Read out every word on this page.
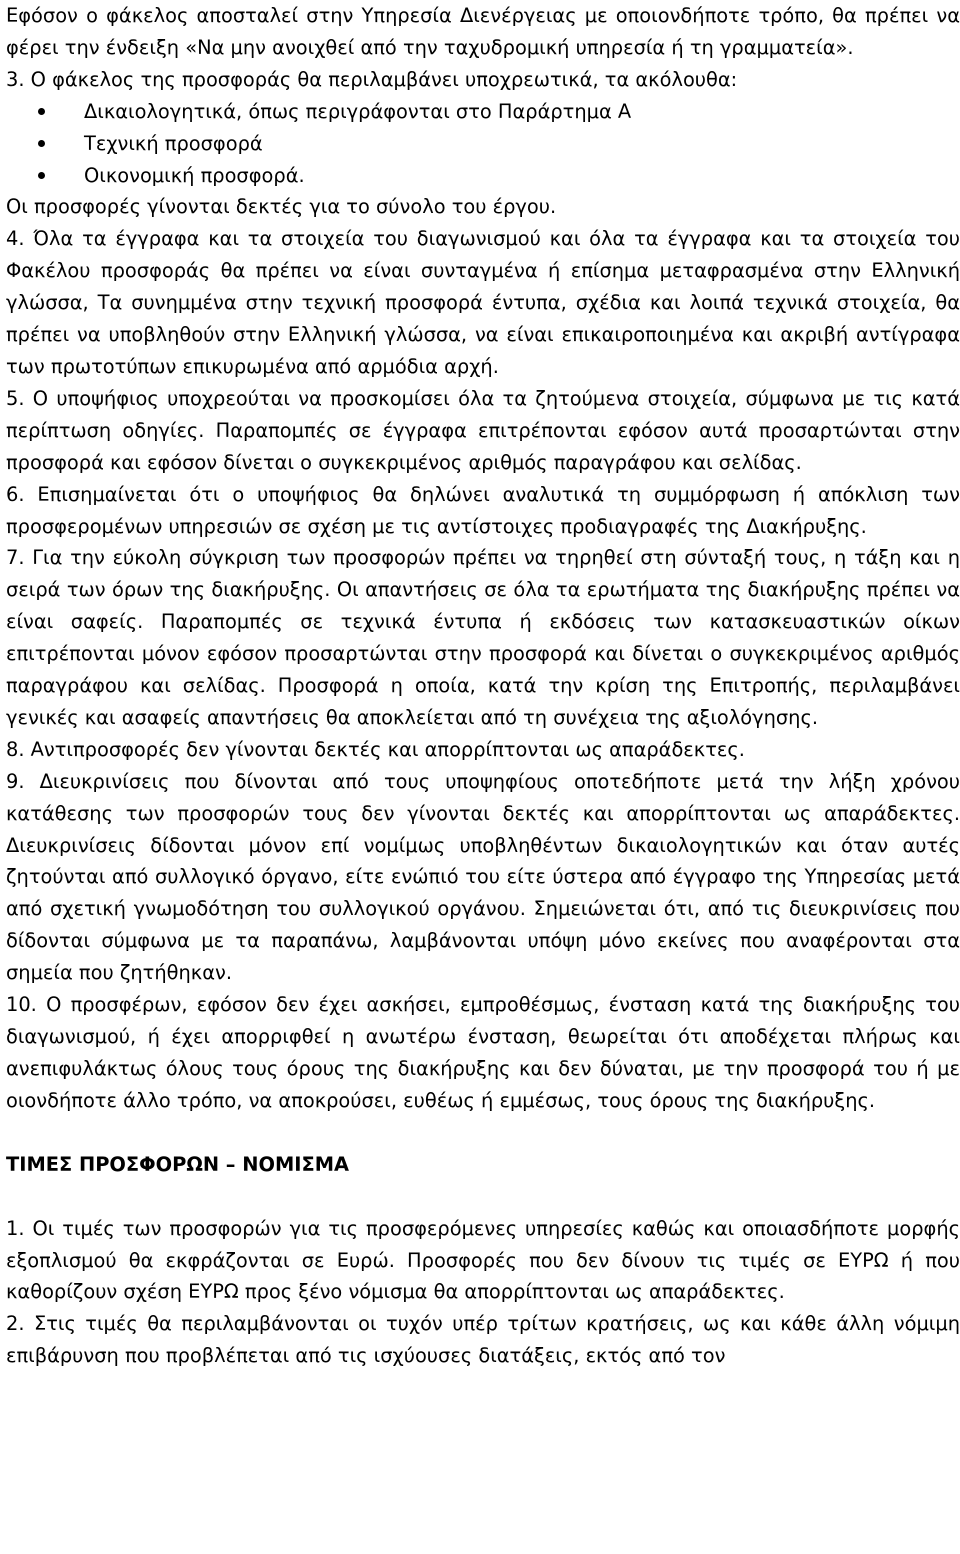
Εφόσον ο φάκελος αποσταλεί στην Υπηρεσία Διενέργειας με οποιονδήποτε τρόπο, θα πρέπει να φέρει την ένδειξη «Να μην ανοιχθεί από την ταχυδρομική υπηρεσία ή τη γραμματεία».

3. Ο φάκελος της προσφοράς θα περιλαμβάνει υποχρεωτικά, τα ακόλουθα:

Δικαιολογητικά, όπως περιγράφονται στο Παράρτημα Α
Τεχνική προσφορά
Οικονομική προσφορά.

Οι προσφορές γίνονται δεκτές για το σύνολο του έργου.

4. Όλα τα έγγραφα και τα στοιχεία του διαγωνισμού και όλα τα έγγραφα και τα στοιχεία του Φακέλου προσφοράς θα πρέπει να είναι συνταγμένα ή επίσημα μεταφρασμένα στην Ελληνική γλώσσα, Τα συνημμένα στην τεχνική προσφορά έντυπα, σχέδια και λοιπά τεχνικά στοιχεία, θα πρέπει να υποβληθούν στην Ελληνική γλώσσα, να είναι επικαιροποιημένα και ακριβή αντίγραφα των πρωτοτύπων επικυρωμένα από αρμόδια αρχή.

5. Ο υποψήφιος υποχρεούται να προσκομίσει όλα τα ζητούμενα στοιχεία, σύμφωνα με τις κατά περίπτωση οδηγίες. Παραπομπές σε έγγραφα επιτρέπονται εφόσον αυτά προσαρτώνται στην προσφορά και εφόσον δίνεται ο συγκεκριμένος αριθμός παραγράφου και σελίδας.

6. Επισημαίνεται ότι ο υποψήφιος θα δηλώνει αναλυτικά τη συμμόρφωση ή απόκλιση των προσφερομένων υπηρεσιών σε σχέση με τις αντίστοιχες προδιαγραφές της Διακήρυξης.

7. Για την εύκολη σύγκριση των προσφορών πρέπει να τηρηθεί στη σύνταξή τους, η τάξη και η σειρά των όρων της διακήρυξης. Οι απαντήσεις σε όλα τα ερωτήματα της διακήρυξης πρέπει να είναι σαφείς. Παραπομπές σε τεχνικά έντυπα ή εκδόσεις των κατασκευαστικών οίκων επιτρέπονται μόνον εφόσον προσαρτώνται στην προσφορά και δίνεται ο συγκεκριμένος αριθμός παραγράφου και σελίδας. Προσφορά η οποία, κατά την κρίση της Επιτροπής, περιλαμβάνει γενικές και ασαφείς απαντήσεις θα αποκλείεται από τη συνέχεια της αξιολόγησης.

8. Αντιπροσφορές δεν γίνονται δεκτές και απορρίπτονται ως απαράδεκτες.

9. Διευκρινίσεις που δίνονται από τους υποψηφίους οποτεδήποτε μετά την λήξη χρόνου κατάθεσης των προσφορών τους δεν γίνονται δεκτές και απορρίπτονται ως απαράδεκτες. Διευκρινίσεις δίδονται μόνον επί νομίμως υποβληθέντων δικαιολογητικών και όταν αυτές ζητούνται από συλλογικό όργανο, είτε ενώπιό του είτε ύστερα από έγγραφο της Υπηρεσίας μετά από σχετική γνωμοδότηση του συλλογικού οργάνου. Σημειώνεται ότι, από τις διευκρινίσεις που δίδονται σύμφωνα με τα παραπάνω, λαμβάνονται υπόψη μόνο εκείνες που αναφέρονται στα σημεία που ζητήθηκαν.

10. Ο προσφέρων, εφόσον δεν έχει ασκήσει, εμπροθέσμως, ένσταση κατά της διακήρυξης του διαγωνισμού, ή έχει απορριφθεί η ανωτέρω ένσταση, θεωρείται ότι αποδέχεται πλήρως και ανεπιφυλάκτως όλους τους όρους της διακήρυξης και δεν δύναται, με την προσφορά του ή με οιονδήποτε άλλο τρόπο, να αποκρούσει, ευθέως ή εμμέσως, τους όρους της διακήρυξης.

ΤΙΜΕΣ ΠΡΟΣΦΟΡΩΝ – ΝΟΜΙΣΜΑ

1. Οι τιμές των προσφορών για τις προσφερόμενες υπηρεσίες καθώς και οποιασδήποτε μορφής εξοπλισμού θα εκφράζονται σε Ευρώ. Προσφορές που δεν δίνουν τις τιμές σε ΕΥΡΩ ή που καθορίζουν σχέση ΕΥΡΩ προς ξένο νόμισμα θα απορρίπτονται ως απαράδεκτες.

2. Στις τιμές θα περιλαμβάνονται οι τυχόν υπέρ τρίτων κρατήσεις, ως και κάθε άλλη νόμιμη επιβάρυνση που προβλέπεται από τις ισχύουσες διατάξεις, εκτός από τον
